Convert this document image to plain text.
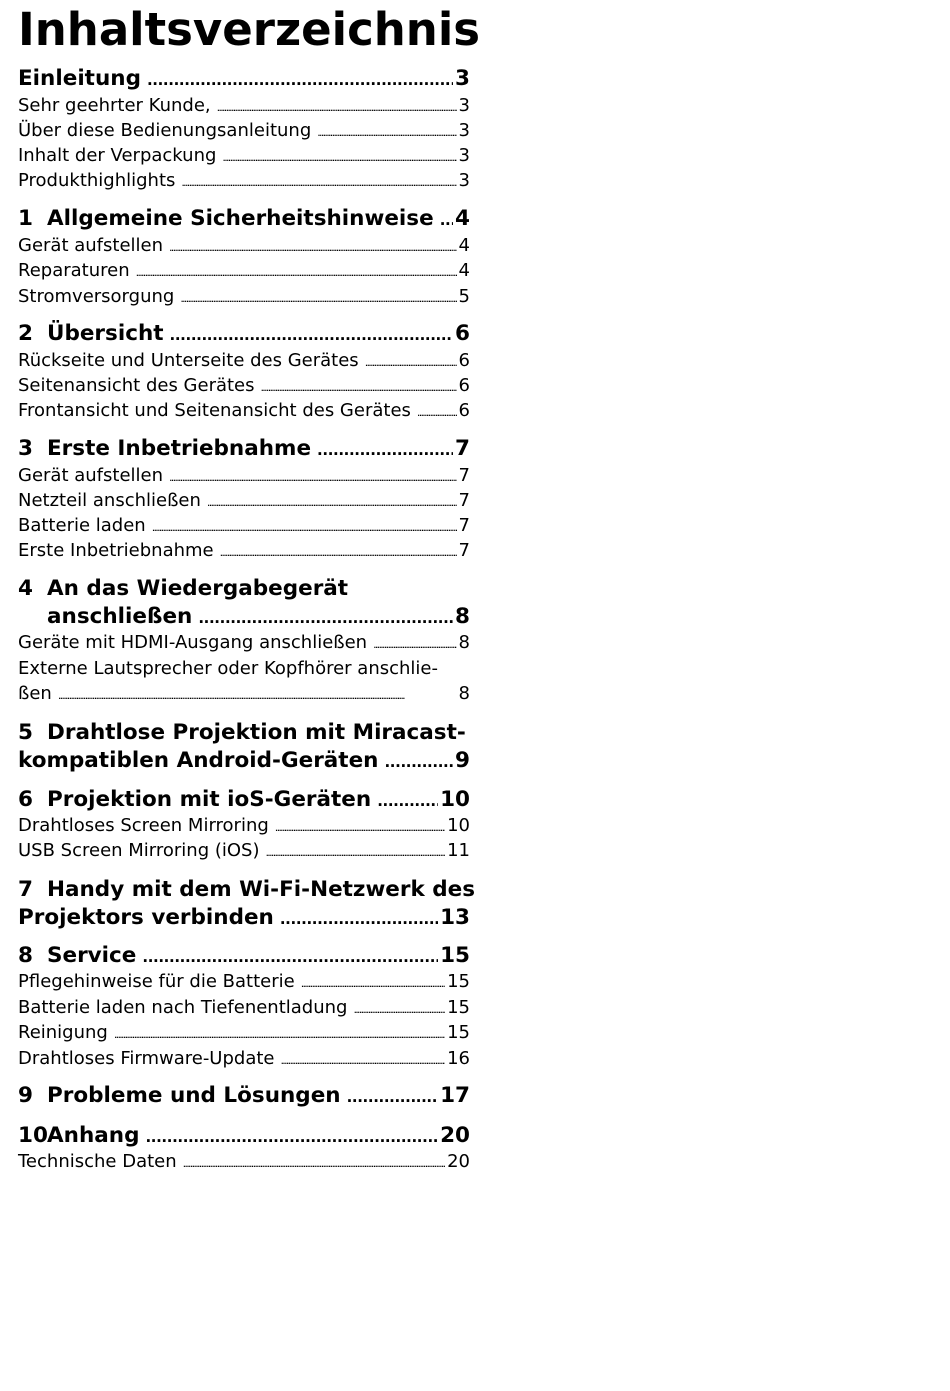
Inhaltsverzeichnis
Einleitung . . .	3
Sehr geehrter Kunde, . . .	3
Über diese Bedienungsanleitung . . .	3
Inhalt der Verpackung . . .	3
Produkthighlights . . .	3
1 Allgemeine Sicherheitshinweise . . . 4
Gerät aufstellen . . .	4
Reparaturen . . .	4
Stromversorgung . . .	5
2 Übersicht . . .	6
Rückseite und Unterseite des Gerätes . . .	6
Seitenansicht des Gerätes . . .	6
Frontansicht und Seitenansicht des Gerätes . . .	6
3 Erste Inbetriebnahme . . .	7
Gerät aufstellen . . .	7
Netzteil anschließen . . .	7
Batterie laden . . .	7
Erste Inbetriebnahme . . .	7
4 An das Wiedergabegerät
anschließen . . .	8
Geräte mit HDMI-Ausgang anschließen . . .	8
Externe Lautsprecher oder Kopfhörer anschlie-
ßen . . .	8
5 Drahtlose Projektion mit Miracast-
kompatiblen Android-Geräten . . .	9
6 Projektion mit ioS-Geräten . . .	10
Drahtloses Screen Mirroring . . .	10
USB Screen Mirroring (iOS) . . .	11
7 Handy mit dem Wi-Fi-Netzwerk des
Projektors verbinden . . .	13
8 Service . . .	15
Pflegehinweise für die Batterie . . .	15
Batterie laden nach Tiefenentladung . . .	15
Reinigung . . .	15
Drahtloses Firmware-Update . . .	16
9 Probleme und Lösungen . . .	17
10 Anhang . . .	20
Technische Daten . . .	20
